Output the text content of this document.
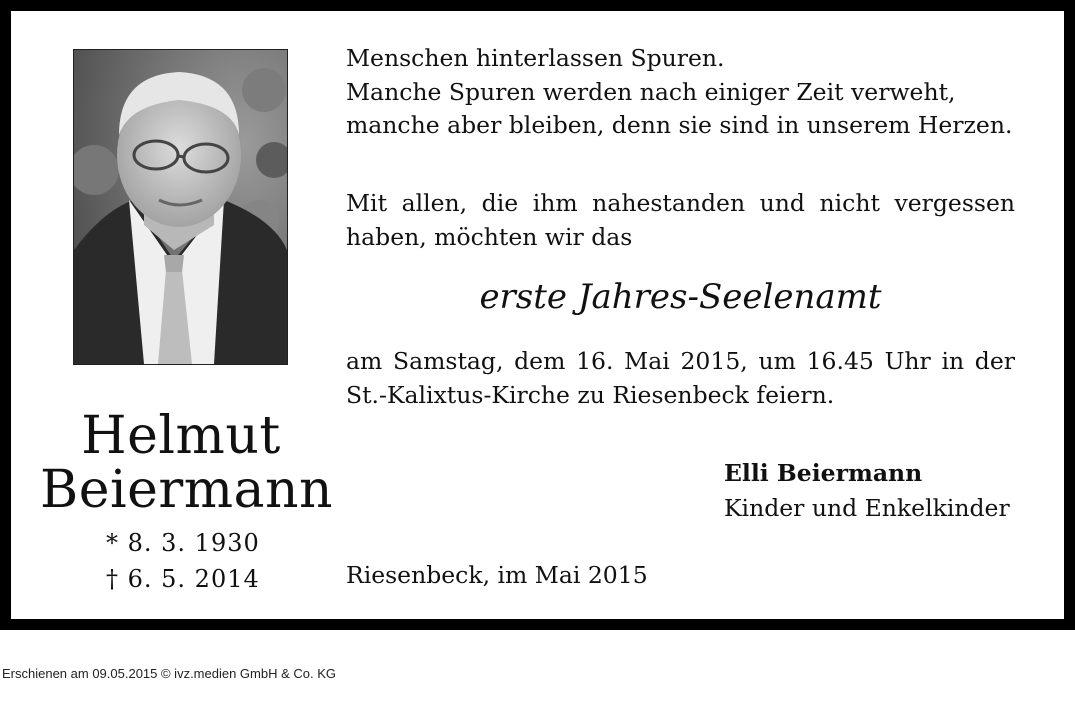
Helmut
Beiermann
* 8. 3. 1930
† 6. 5. 2014
Menschen hinterlassen Spuren.
Manche Spuren werden nach einiger Zeit verweht,
manche aber bleiben, denn sie sind in unserem Herzen.
Mit allen, die ihm nahestanden und nicht vergessen
haben, möchten wir das
erste Jahres-Seelenamt
am Samstag, dem 16. Mai 2015, um 16.45 Uhr in der
St.-Kalixtus-Kirche zu Riesenbeck feiern.
Elli Beiermann
Kinder und Enkelkinder
Riesenbeck, im Mai 2015
Erschienen am 09.05.2015 © ivz.medien GmbH & Co. KG
